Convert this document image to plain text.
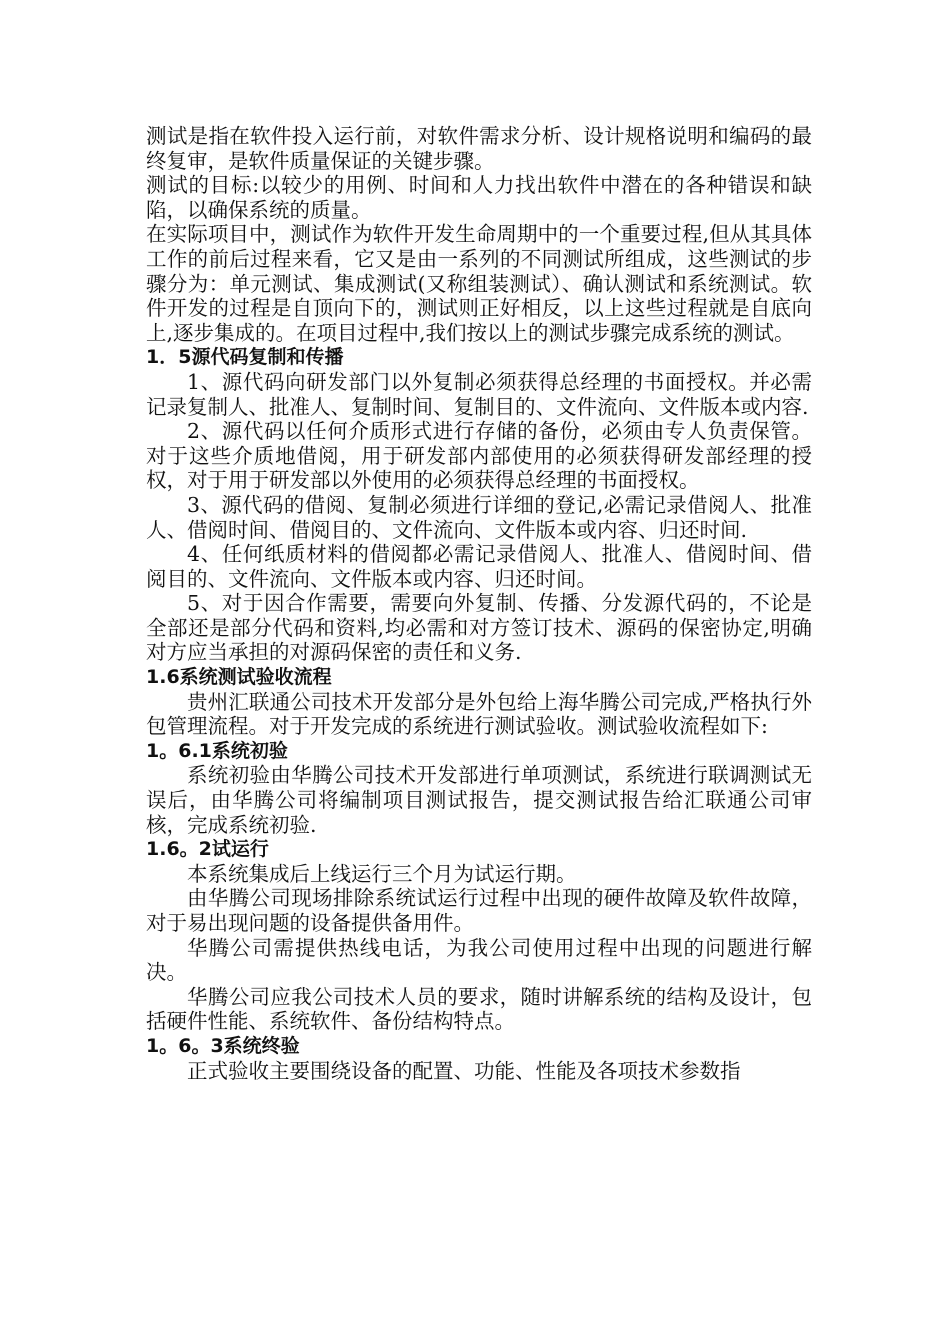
测试是指在软件投入运行前，对软件需求分析、设计规格说明和编码的最终复审，是软件质量保证的关键步骤。

测试的目标:以较少的用例、时间和人力找出软件中潜在的各种错误和缺陷，以确保系统的质量。

在实际项目中，测试作为软件开发生命周期中的一个重要过程,但从其具体工作的前后过程来看，它又是由一系列的不同测试所组成，这些测试的步骤分为：单元测试、集成测试(又称组装测试）、确认测试和系统测试。软件开发的过程是自顶向下的，测试则正好相反，以上这些过程就是自底向上,逐步集成的。在项目过程中,我们按以上的测试步骤完成系统的测试。

1．5源代码复制和传播

1、源代码向研发部门以外复制必须获得总经理的书面授权。并必需记录复制人、批准人、复制时间、复制目的、文件流向、文件版本或内容.

2、源代码以任何介质形式进行存储的备份，必须由专人负责保管。对于这些介质地借阅，用于研发部内部使用的必须获得研发部经理的授权，对于用于研发部以外使用的必须获得总经理的书面授权。

3、源代码的借阅、复制必须进行详细的登记,必需记录借阅人、批准人、借阅时间、借阅目的、文件流向、文件版本或内容、归还时间.

4、任何纸质材料的借阅都必需记录借阅人、批准人、借阅时间、借阅目的、文件流向、文件版本或内容、归还时间。

5、对于因合作需要，需要向外复制、传播、分发源代码的，不论是全部还是部分代码和资料,均必需和对方签订技术、源码的保密协定,明确对方应当承担的对源码保密的责任和义务.

1.6系统测试验收流程

贵州汇联通公司技术开发部分是外包给上海华腾公司完成,严格执行外包管理流程。对于开发完成的系统进行测试验收。测试验收流程如下:

1。6.1系统初验

系统初验由华腾公司技术开发部进行单项测试，系统进行联调测试无误后，由华腾公司将编制项目测试报告，提交测试报告给汇联通公司审核，完成系统初验.

1.6。2试运行

本系统集成后上线运行三个月为试运行期。

由华腾公司现场排除系统试运行过程中出现的硬件故障及软件故障，对于易出现问题的设备提供备用件。

华腾公司需提供热线电话，为我公司使用过程中出现的问题进行解决。

华腾公司应我公司技术人员的要求，随时讲解系统的结构及设计，包括硬件性能、系统软件、备份结构特点。

1。6。3系统终验

正式验收主要围绕设备的配置、功能、性能及各项技术参数指
